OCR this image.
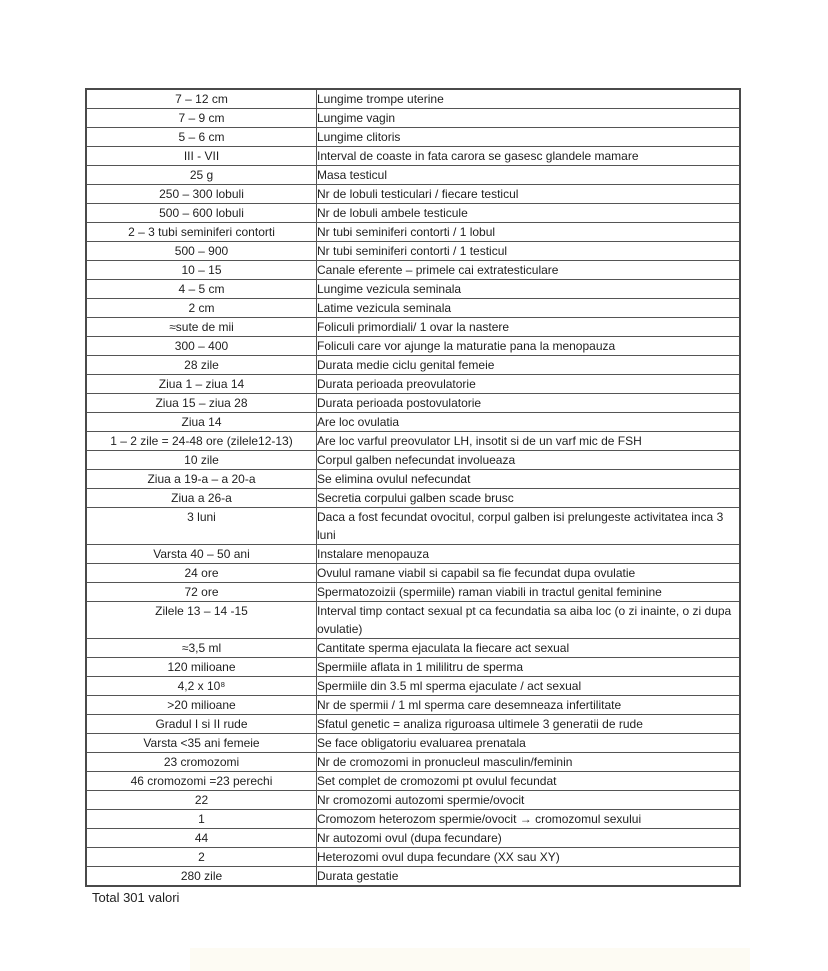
7 – 12 cm	Lungime trompe uterine
7 – 9 cm	Lungime vagin
5 – 6 cm	Lungime clitoris
III - VII	Interval de coaste in fata carora se gasesc glandele mamare
25 g	Masa testicul
250 – 300 lobuli	Nr de lobuli testiculari / fiecare testicul
500 – 600 lobuli	Nr de lobuli ambele testicule
2 – 3 tubi seminiferi contorti	Nr tubi seminiferi contorti / 1 lobul
500 – 900	Nr tubi seminiferi contorti / 1 testicul
10 – 15	Canale eferente – primele cai extratesticulare
4 – 5 cm	Lungime vezicula seminala
2 cm	Latime vezicula seminala
≈sute de mii	Foliculi primordiali/ 1 ovar la nastere
300 – 400	Foliculi care vor ajunge la maturatie pana la menopauza
28 zile	Durata medie ciclu genital femeie
Ziua 1 – ziua 14	Durata perioada preovulatorie
Ziua 15 – ziua 28	Durata perioada postovulatorie
Ziua 14	Are loc ovulatia
1 – 2 zile = 24-48 ore (zilele12-13)	Are loc varful preovulator LH, insotit si de un varf mic de FSH
10 zile	Corpul galben nefecundat involueaza
Ziua a 19-a – a 20-a	Se elimina ovulul nefecundat
Ziua a 26-a	Secretia corpului galben scade brusc
3 luni	Daca a fost fecundat ovocitul, corpul galben isi prelungeste activitatea inca 3 luni
Varsta 40 – 50 ani	Instalare menopauza
24 ore	Ovulul ramane viabil si capabil sa fie fecundat dupa ovulatie
72 ore	Spermatozoizii (spermiile) raman viabili in tractul genital feminine
Zilele 13 – 14 -15	Interval timp contact sexual pt ca fecundatia sa aiba loc (o zi inainte, o zi dupa ovulatie)
≈3,5 ml	Cantitate sperma ejaculata la fiecare act sexual
120 milioane	Spermiile aflata in 1 mililitru de sperma
4,2 x 10⁸	Spermiile din 3.5 ml sperma ejaculate / act sexual
>20 milioane	Nr de spermii / 1 ml sperma care desemneaza infertilitate
Gradul I si II rude	Sfatul genetic = analiza riguroasa ultimele 3 generatii de rude
Varsta <35 ani femeie	Se face obligatoriu evaluarea prenatala
23 cromozomi	Nr de cromozomi in pronucleul masculin/feminin
46 cromozomi =23 perechi	Set complet de cromozomi pt ovulul fecundat
22	Nr cromozomi autozomi spermie/ovocit
1	Cromozom heterozom spermie/ovocit → cromozomul sexului
44	Nr autozomi ovul (dupa fecundare)
2	Heterozomi ovul dupa fecundare (XX sau XY)
280 zile	Durata gestatie
Total 301 valori
